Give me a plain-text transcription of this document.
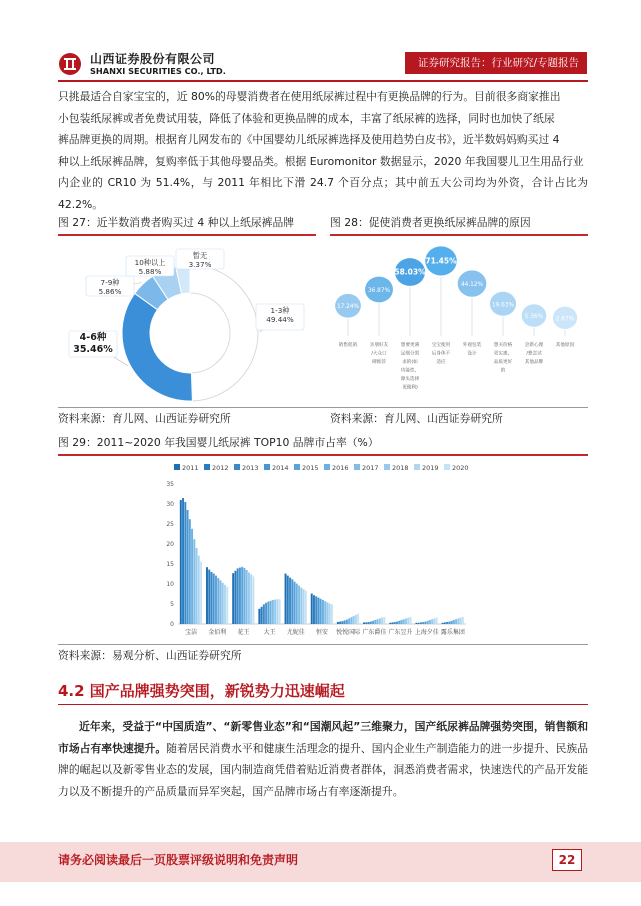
山西证券股份有限公司
SHANXI SECURITIES CO., LTD.
证券研究报告：行业研究/专题报告
只挑最适合自家宝宝的，近 80%的母婴消费者在使用纸尿裤过程中有更换品牌的行为。目前很多商家推出
小包装纸尿裤或者免费试用装，降低了体验和更换品牌的成本，丰富了纸尿裤的选择，同时也加快了纸尿
裤品牌更换的周期。根据育儿网发布的《中国婴幼儿纸尿裤选择及使用趋势白皮书》，近半数妈妈购买过 4
种以上纸尿裤品牌，复购率低于其他母婴品类。根据 Euromonitor 数据显示，2020 年我国婴儿卫生用品行业
内企业的 CR10 为 51.4%，与 2011 年相比下滑 24.7 个百分点；其中前五大公司均为外资，合计占比为 42.2%。
图 27：近半数消费者购买过 4 种以上纸尿裤品牌	图 28：促使消费者更换纸尿裤品牌的原因
1-3种
49.44%
4-6种
35.46%
7-9种
5.86%
10种以上
5.88%
暂无
3.37%
17.24%
销售促销
36.87%
亲朋好友
/大众口
碑推荐
58.03%
想要更满
足细分需
求的(如
功能性、
源头选择
更便利)
71.45%
宝宝使用
后身体不
适应
44.12%
外观包装
设计
19.63%
想买价格
更实惠、
品质更好
的
5.36%
尝新心理
/想尝试
其他品牌
2.67%
其他原因
资料来源：育儿网、山西证券研究所	资料来源：育儿网、山西证券研究所
图 29：2011~2020 年我国婴儿纸尿裤 TOP10 品牌市占率（%）
2011 2012 2013 2014 2015 2016 2017 2018 2019 2020
0
5
10
15
20
25
30
35
宝洁 金佰利 花王 大王 尤妮佳 恒安 悦悦国际 广东爵佳 广东昱升 上海夕佳 露乐集团
资料来源：易观分析、山西证券研究所
4.2 国产品牌强势突围，新锐势力迅速崛起
近年来，受益于“中国质造”、“新零售业态”和“国潮风起”三维聚力，国产纸尿裤品牌强势突围，销售额和市场占有率快速提升。随着居民消费水平和健康生活理念的提升、国内企业生产制造能力的进一步提升、民族品牌的崛起以及新零售业态的发展，国内制造商凭借着贴近消费者群体，洞悉消费者需求，快速迭代的产品开发能力以及不断提升的产品质量而异军突起，国产品牌市场占有率逐渐提升。
请务必阅读最后一页股票评级说明和免责声明	22
